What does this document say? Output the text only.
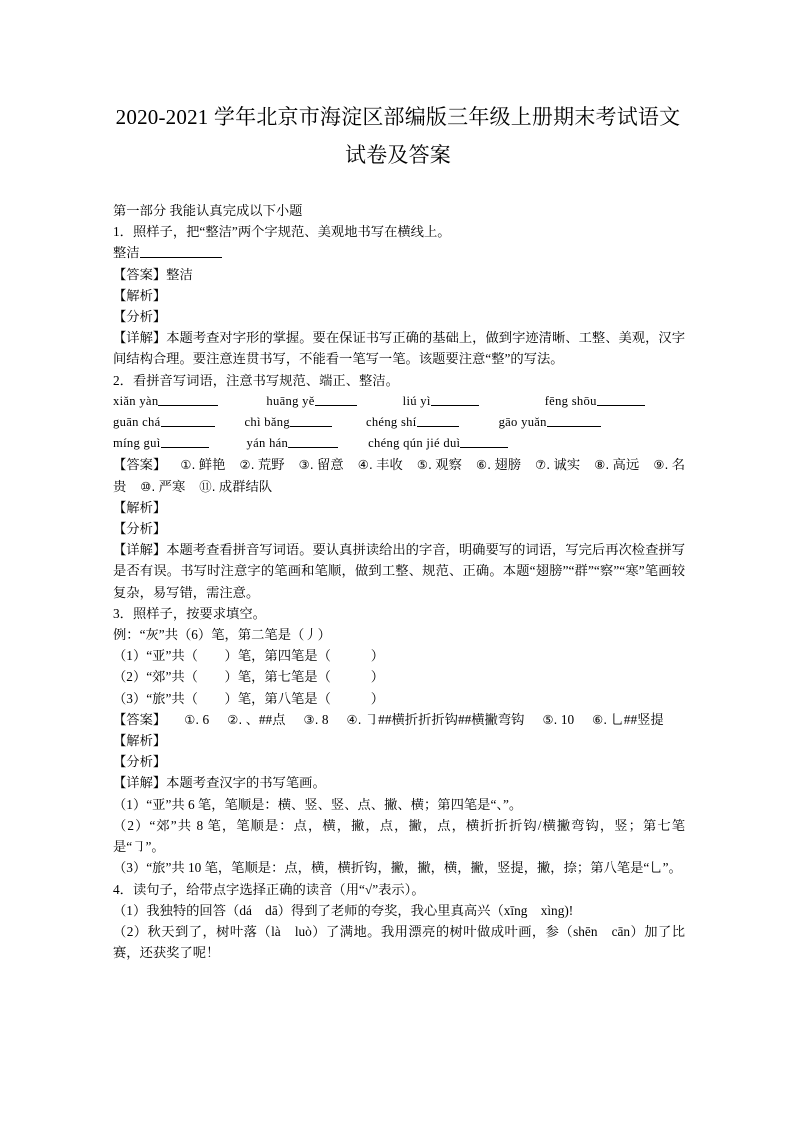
2020-2021 学年北京市海淀区部编版三年级上册期末考试语文试卷及答案
第一部分 我能认真完成以下小题
1．照样子，把“整洁”两个字规范、美观地书写在横线上。
整洁
【答案】整洁
【解析】
【分析】
【详解】本题考查对字形的掌握。要在保证书写正确的基础上，做到字迹清晰、工整、美观，汉字间结构合理。要注意连贯书写，不能看一笔写一笔。该题要注意“整”的写法。
2．看拼音写词语，注意书写规范、端正、整洁。
xiǎn yàn	huāng yě	liú yì	fēng shōu
guān chá	chì bǎng	chéng shí	gāo yuǎn
míng guì	yán hán	chéng qún jié duì
【答案】 ①. 鲜艳 ②. 荒野 ③. 留意 ④. 丰收 ⑤. 观察 ⑥. 翅膀 ⑦. 诚实 ⑧. 高远 ⑨. 名贵 ⑩. 严寒 ⑪. 成群结队
【解析】
【分析】
【详解】本题考查看拼音写词语。要认真拼读给出的字音，明确要写的词语，写完后再次检查拼写是否有误。书写时注意字的笔画和笔顺，做到工整、规范、正确。本题“翅膀”“群”“察”“寒”笔画较复杂，易写错，需注意。
3．照样子，按要求填空。
例：“灰”共（6）笔，第二笔是（丿）
（1）“亚”共（        ）笔，第四笔是（            ）
（2）“郊”共（        ）笔，第七笔是（            ）
（3）“旅”共（        ）笔，第八笔是（            ）
【答案】 ①. 6 ②. 、##点 ③. 8 ④. ㇆##横折折折钩##横撇弯钩 ⑤. 10 ⑥. 乚##竖提
【解析】
【分析】
【详解】本题考查汉字的书写笔画。
（1）“亚”共 6 笔，笔顺是：横、竖、竖、点、撇、横；第四笔是“、”。
（2）“郊”共 8 笔，笔顺是：点，横，撇，点，撇，点，横折折折钩/横撇弯钩，竖；第七笔是“㇆”。
（3）“旅”共 10 笔，笔顺是：点，横，横折钩，撇，撇，横，撇，竖提，撇，捺；第八笔是“乚”。
4．读句子，给带点字选择正确的读音（用“√”表示）。
（1）我独特的回答（dá　dā）得到了老师的夸奖，我心里真高兴（xīng　xìng)!
（2）秋天到了，树叶落（là　luò）了满地。我用漂亮的树叶做成叶画，参（shēn　cān）加了比赛，还获奖了呢！
